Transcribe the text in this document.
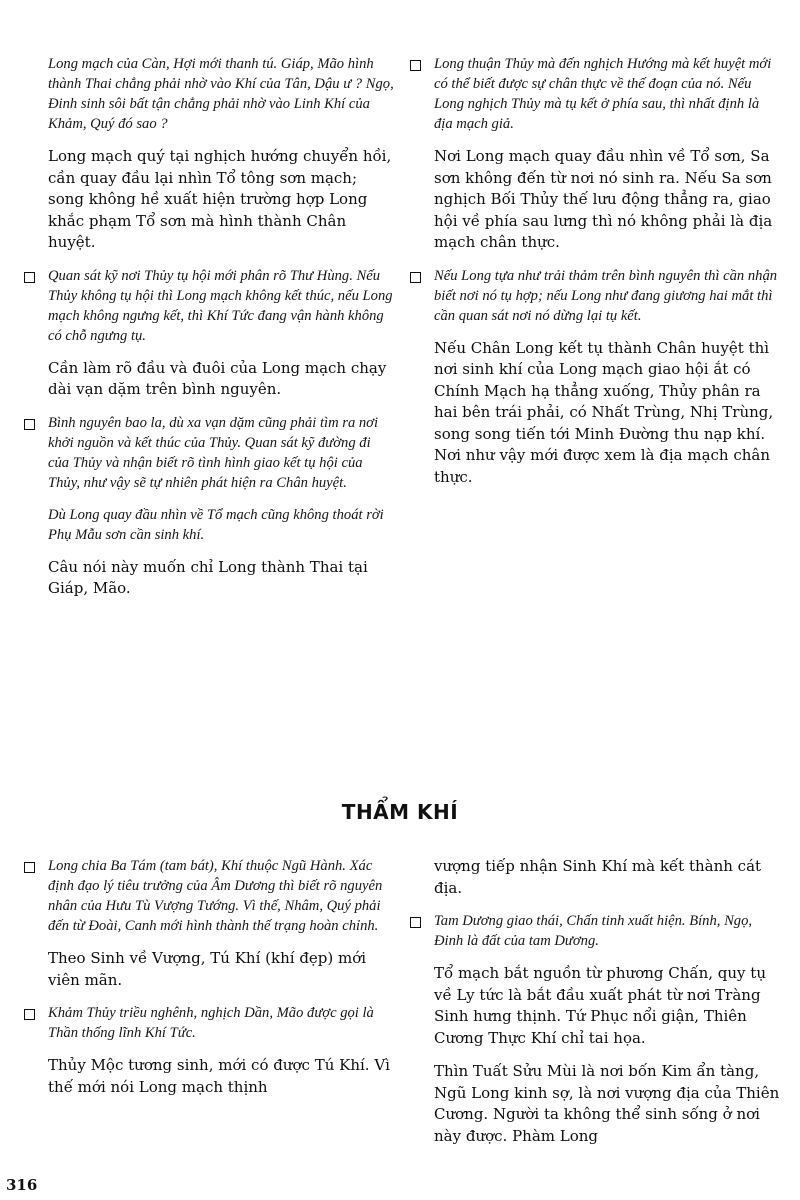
Long mạch của Càn, Hợi mới thanh tú. Giáp, Mão hình thành Thai chẳng phải nhờ vào Khí của Tân, Dậu ư ? Ngọ, Đinh sinh sôi bất tận chẳng phải nhờ vào Linh Khí của Khảm, Quý đó sao ?

Long mạch quý tại nghịch hướng chuyển hồi, cần quay đầu lại nhìn Tổ tông sơn mạch; song không hề xuất hiện trường hợp Long khắc phạm Tổ sơn mà hình thành Chân huyệt.

Quan sát kỹ nơi Thủy tụ hội mới phân rõ Thư Hùng. Nếu Thủy không tụ hội thì Long mạch không kết thúc, nếu Long mạch không ngưng kết, thì Khí Tức đang vận hành không có chỗ ngưng tụ.

Cần làm rõ đầu và đuôi của Long mạch chạy dài vạn dặm trên bình nguyên.

Bình nguyên bao la, dù xa vạn dặm cũng phải tìm ra nơi khởi nguồn và kết thúc của Thủy. Quan sát kỹ đường đi của Thủy và nhận biết rõ tình hình giao kết tụ hội của Thủy, như vậy sẽ tự nhiên phát hiện ra Chân huyệt.

Dù Long quay đầu nhìn về Tổ mạch cũng không thoát rời Phụ Mẫu sơn cần sinh khí.

Câu nói này muốn chỉ Long thành Thai tại Giáp, Mão.

Long thuận Thủy mà đến nghịch Hướng mà kết huyệt mới có thể biết được sự chân thực về thế đoạn của nó. Nếu Long nghịch Thủy mà tụ kết ở phía sau, thì nhất định là địa mạch giả.

Nơi Long mạch quay đầu nhìn về Tổ sơn, Sa sơn không đến từ nơi nó sinh ra. Nếu Sa sơn nghịch Bối Thủy thế lưu động thẳng ra, giao hội về phía sau lưng thì nó không phải là địa mạch chân thực.

Nếu Long tựa như trải thảm trên bình nguyên thì cần nhận biết nơi nó tụ hợp; nếu Long như đang giương hai mắt thì cần quan sát nơi nó dừng lại tụ kết.

Nếu Chân Long kết tụ thành Chân huyệt thì nơi sinh khí của Long mạch giao hội ắt có Chính Mạch hạ thẳng xuống, Thủy phân ra hai bên trái phải, có Nhất Trùng, Nhị Trùng, song song tiến tới Minh Đường thu nạp khí. Nơi như vậy mới được xem là địa mạch chân thực.

THẨM KHÍ

Long chia Ba Tám (tam bát), Khí thuộc Ngũ Hành. Xác định đạo lý tiêu trưởng của Âm Dương thì biết rõ nguyên nhân của Hưu Tù Vượng Tướng. Vì thế, Nhâm, Quý phải đến từ Đoài, Canh mới hình thành thế trạng hoàn chỉnh.

Theo Sinh về Vượng, Tú Khí (khí đẹp) mới viên mãn.

Khảm Thủy triều nghênh, nghịch Dần, Mão được gọi là Thần thống lĩnh Khí Tức.

Thủy Mộc tương sinh, mới có được Tú Khí. Vì thế mới nói Long mạch thịnh

vượng tiếp nhận Sinh Khí mà kết thành cát địa.

Tam Dương giao thái, Chấn tinh xuất hiện. Bính, Ngọ, Đinh là đất của tam Dương.

Tổ mạch bắt nguồn từ phương Chấn, quy tụ về Ly tức là bắt đầu xuất phát từ nơi Tràng Sinh hưng thịnh. Tứ Phục nổi giận, Thiên Cương Thực Khí chỉ tai họa.

Thìn Tuất Sửu Mùi là nơi bốn Kim ẩn tàng, Ngũ Long kinh sợ, là nơi vượng địa của Thiên Cương. Người ta không thể sinh sống ở nơi này được. Phàm Long

316
